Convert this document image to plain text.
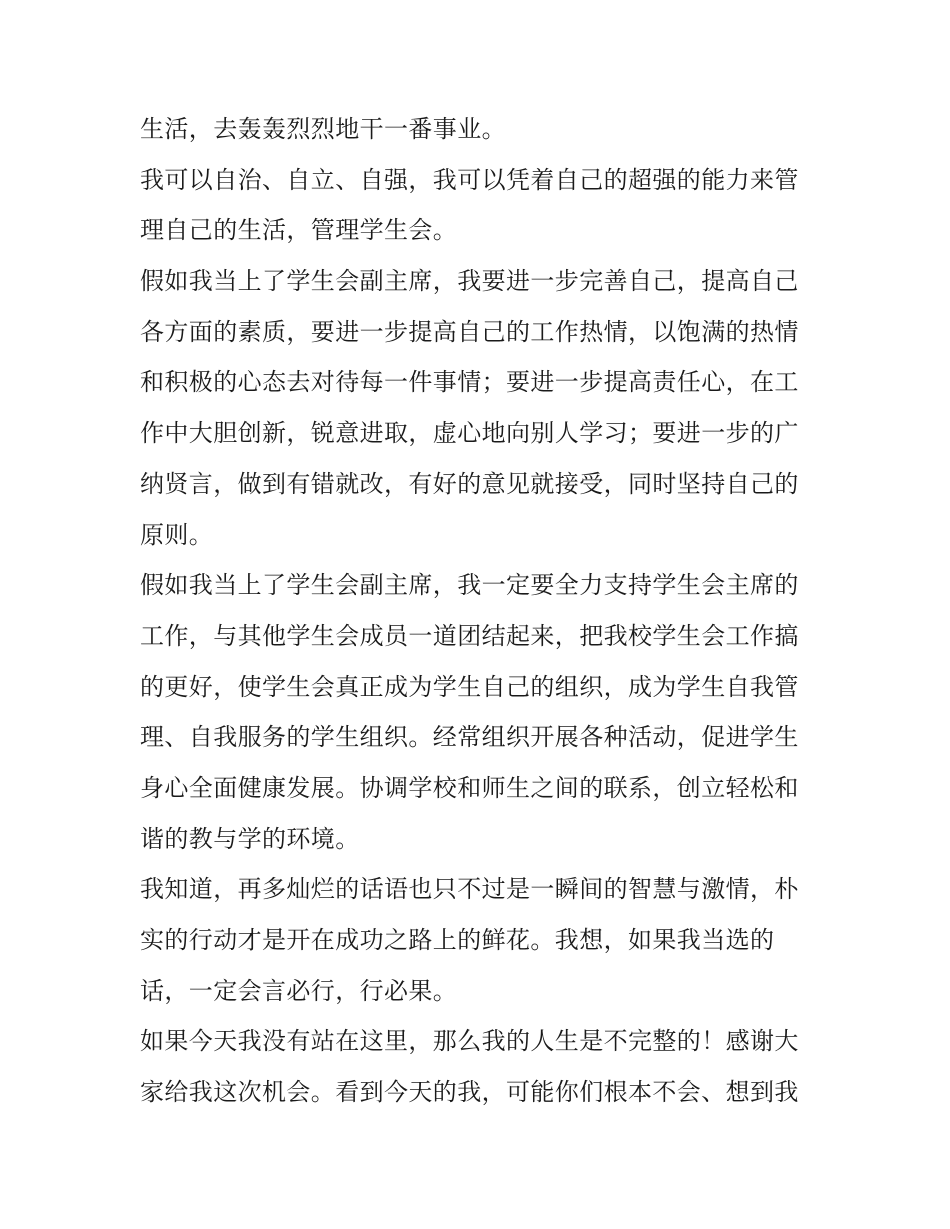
生活，去轰轰烈烈地干一番事业。
我可以自治、自立、自强，我可以凭着自己的超强的能力来管
理自己的生活，管理学生会。
假如我当上了学生会副主席，我要进一步完善自己，提高自己
各方面的素质，要进一步提高自己的工作热情，以饱满的热情
和积极的心态去对待每一件事情；要进一步提高责任心，在工
作中大胆创新，锐意进取，虚心地向别人学习；要进一步的广
纳贤言，做到有错就改，有好的意见就接受，同时坚持自己的
原则。
假如我当上了学生会副主席，我一定要全力支持学生会主席的
工作，与其他学生会成员一道团结起来，把我校学生会工作搞
的更好，使学生会真正成为学生自己的组织，成为学生自我管
理、自我服务的学生组织。经常组织开展各种活动，促进学生
身心全面健康发展。协调学校和师生之间的联系，创立轻松和
谐的教与学的环境。
我知道，再多灿烂的话语也只不过是一瞬间的智慧与激情，朴
实的行动才是开在成功之路上的鲜花。我想，如果我当选的
话，一定会言必行，行必果。
如果今天我没有站在这里，那么我的人生是不完整的！感谢大
家给我这次机会。看到今天的我，可能你们根本不会、想到我
